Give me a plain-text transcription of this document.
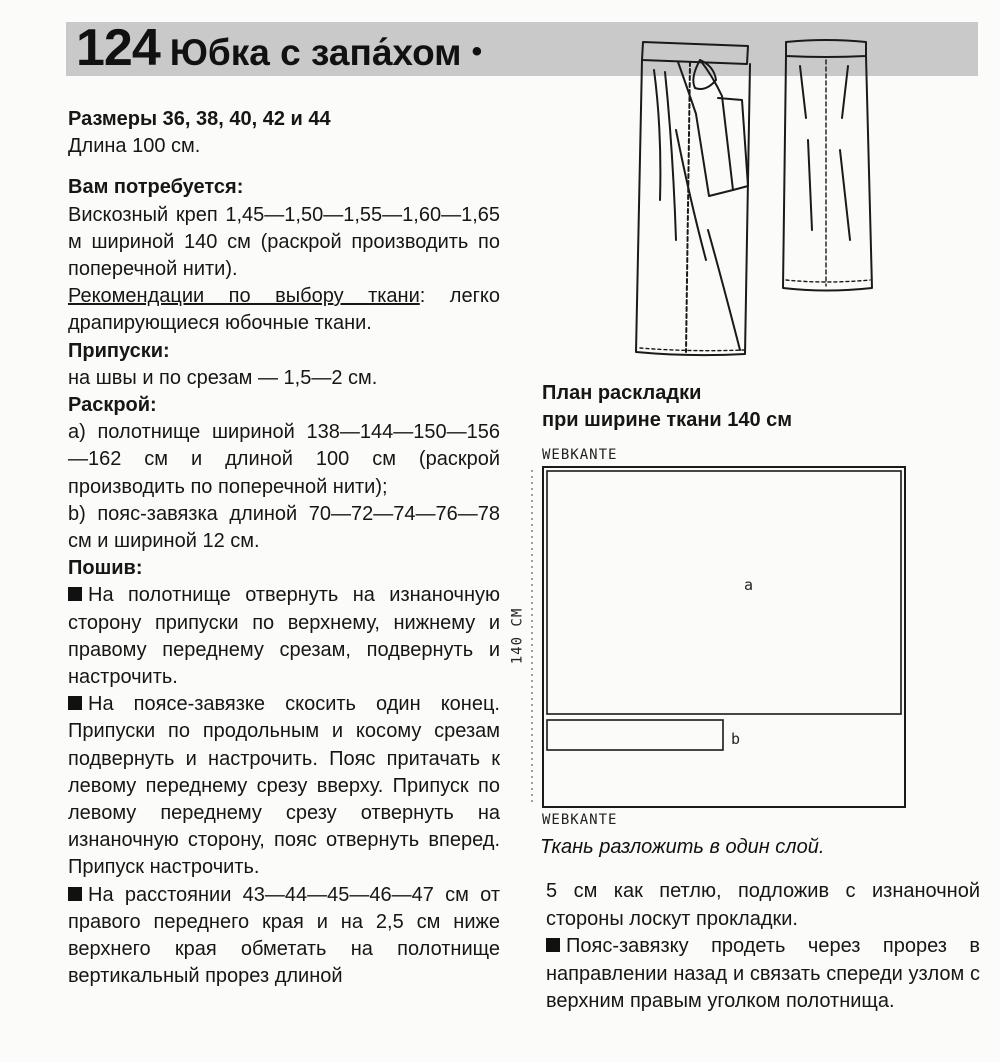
124 Юбка с запа́хом •
Размеры 36, 38, 40, 42 и 44

Длина 100 см.

Вам потребуется:

Вискозный креп 1,45—1,50—1,55—1,60—1,65 м шириной 140 см (раскрой производить по поперечной нити).

Рекомендации по выбору ткани: легко драпирующиеся юбочные ткани.

Припуски:

на швы и по срезам — 1,5—2 см.

Раскрой:

a) полотнище шириной 138—144—150—156—162 см и длиной 100 см (раскрой производить по поперечной нити);

b) пояс-завязка длиной 70—72—74—76—78 см и шириной 12 см.

Пошив:

На полотнище отвернуть на изнаночную сторону припуски по верхнему, нижнему и правому переднему срезам, подвернуть и настрочить.

На поясе-завязке скосить один конец. Припуски по продольным и косому срезам подвернуть и настрочить. Пояс притачать к левому переднему срезу вверху. Припуск по левому переднему срезу отвернуть на изнаночную сторону, пояс отвернуть вперед. Припуск настрочить.

На расстоянии 43—44—45—46—47 см от правого переднего края и на 2,5 см ниже верхнего края обметать на полотнище вертикальный прорез длиной

План раскладки
при ширине ткани 140 см
WEBKANTE
WEBKANTE
140 СМ
a
b
Ткань разложить в один слой.

5 см как петлю, подложив с изнаночной стороны лоскут прокладки.

Пояс-завязку продеть через прорез в направлении назад и связать спереди узлом с верхним правым уголком полотнища.
